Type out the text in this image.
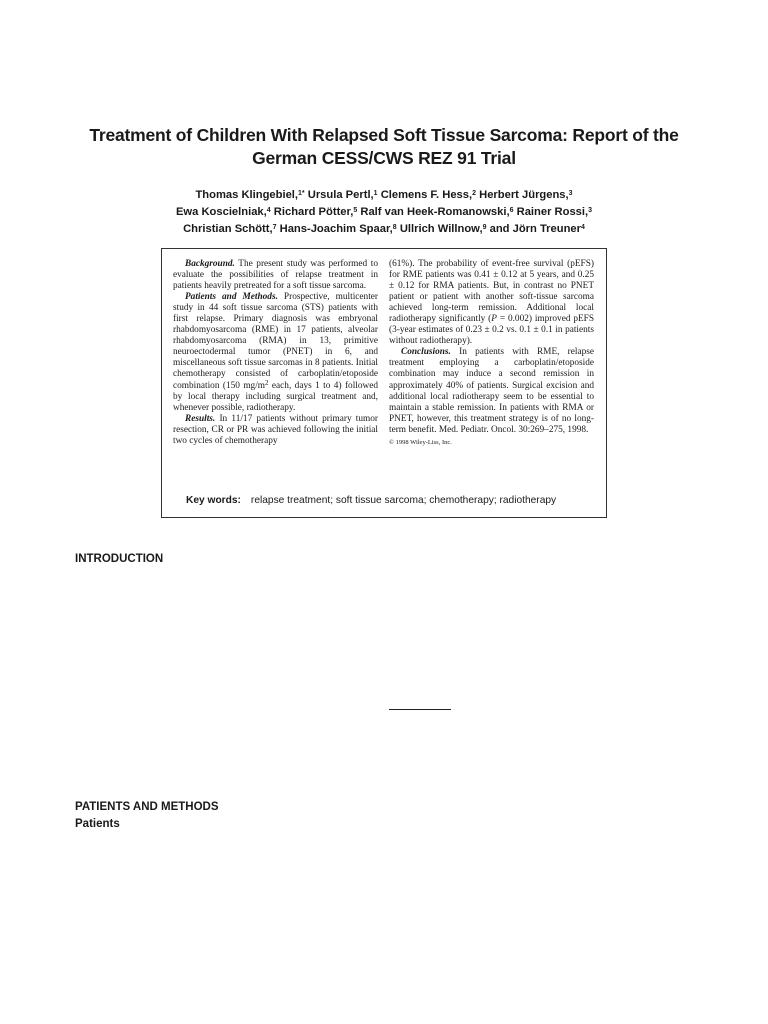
Treatment of Children With Relapsed Soft Tissue Sarcoma: Report of the German CESS/CWS REZ 91 Trial
Thomas Klingebiel,$^{1*}$ Ursula Pertl,$^1$ Clemens F. Hess,$^2$ Herbert Jürgens,$^3$
Ewa Koscielniak,$^4$ Richard Pötter,$^5$ Ralf van Heek-Romanowski,$^6$ Rainer Rossi,$^3$
Christian Schött,$^7$ Hans-Joachim Spaar,$^8$ Ullrich Willnow,$^9$ and Jörn Treuner$^4$

Background. The present study was performed to evaluate the possibilities of relapse treatment in patients heavily pretreated for a soft tissue sarcoma.

Patients and Methods. Prospective, multicenter study in 44 soft tissue sarcoma (STS) patients with first relapse. Primary diagnosis was embryonal rhabdomyosarcoma (RME) in 17 patients, alveolar rhabdomyosarcoma (RMA) in 13, primitive neuroectodermal tumor (PNET) in 6, and miscellaneous soft tissue sarcomas in 8 patients. Initial chemotherapy consisted of carboplatin/etoposide combination (150 $mg/m^2$ each, days 1 to 4) followed by local therapy including surgical treatment and, whenever possible, radiotherapy.

Results. In 11/17 patients without primary tumor resection, CR or PR was achieved following the initial two cycles of chemotherapy

(61%). The probability of event-free survival (pEFS) for RME patients was 0.41 ± 0.12 at 5 years, and 0.25 ± 0.12 for RMA patients. But, in contrast no PNET patient or patient with another soft-tissue sarcoma achieved long-term remission. Additional local radiotherapy significantly (P = 0.002) improved pEFS (3-year estimates of 0.23 ± 0.2 vs. 0.1 ± 0.1 in patients without radiotherapy).

Conclusions. In patients with RME, relapse treatment employing a carboplatin/etoposide combination may induce a second remission in approximately 40% of patients. Surgical excision and additional local radiotherapy seem to be essential to maintain a stable remission. In patients with RMA or PNET, however, this treatment strategy is of no long-term benefit. Med. Pediatr. Oncol. 30:269–275, 1998.
© 1998 Wiley-Liss, Inc.

Key words: relapse treatment; soft tissue sarcoma; chemotherapy; radiotherapy
INTRODUCTION
PATIENTS AND METHODS
Patients
